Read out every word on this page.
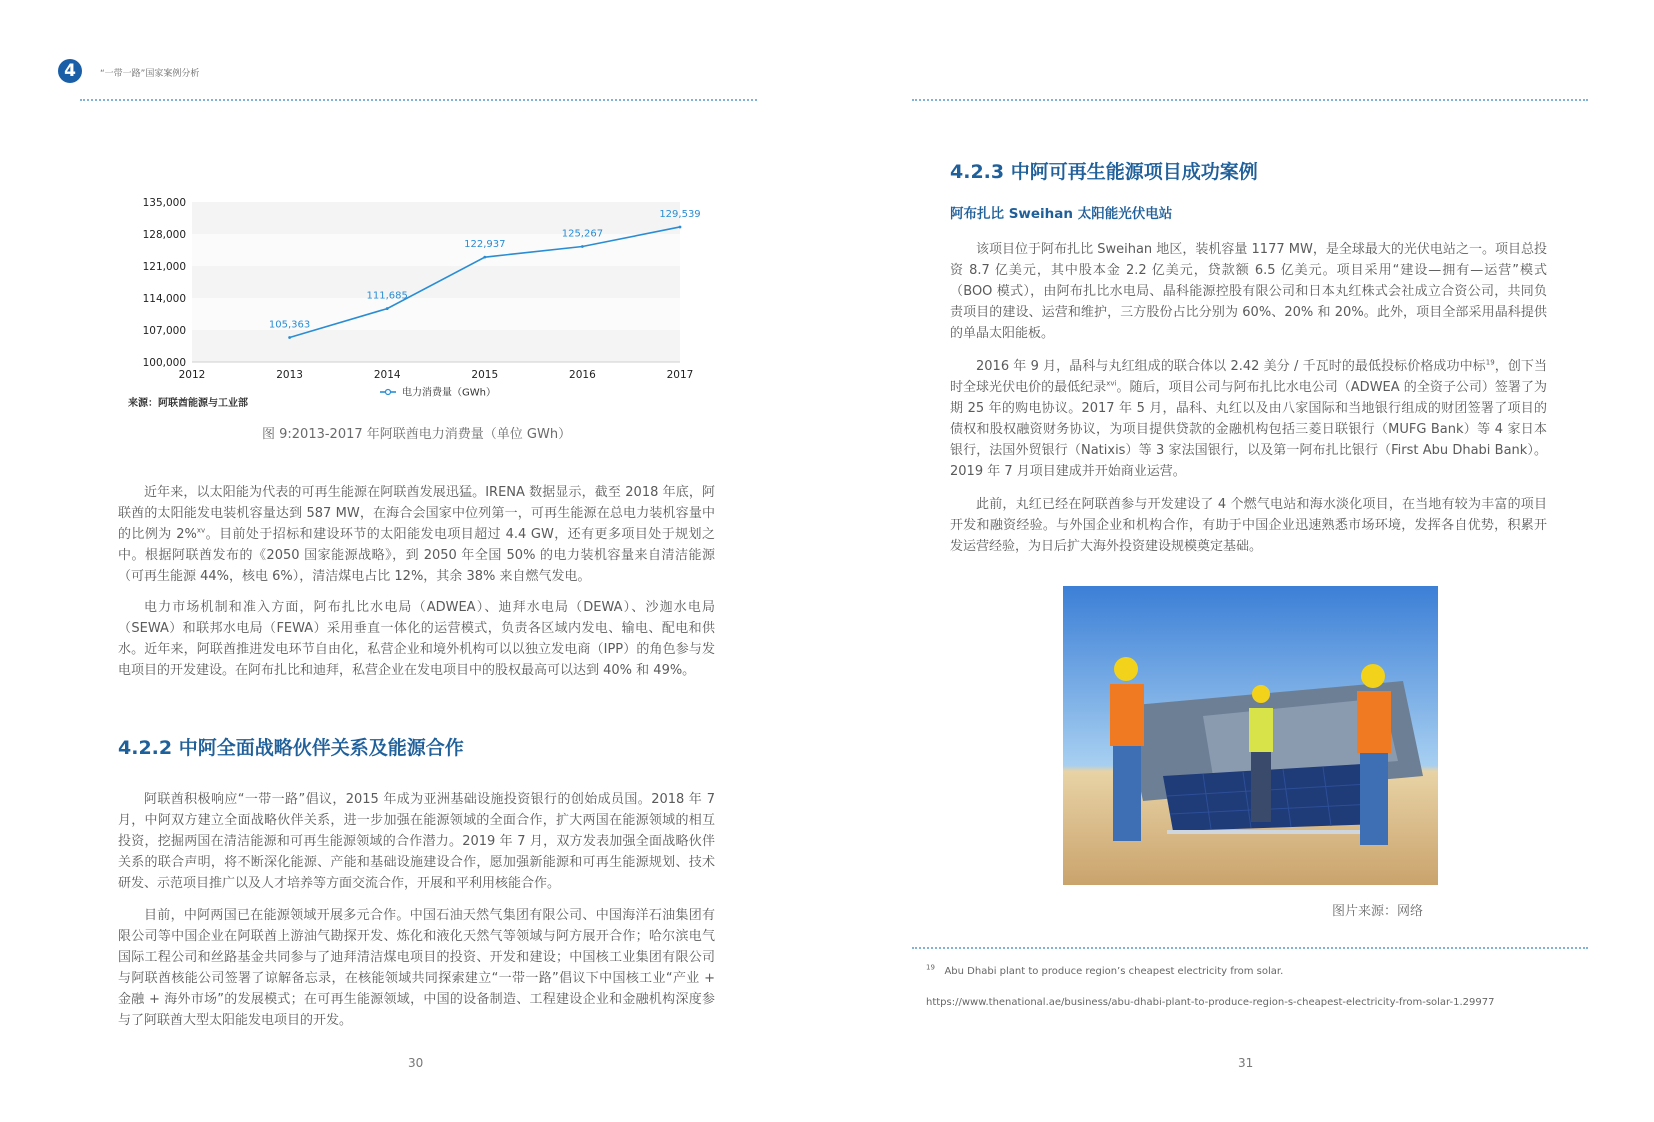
4	“一带一路”国家案例分析
100,000
107,000
114,000
121,000
128,000
135,000
2012	2013	2014	2015	2016	2017
105,363
111,685
122,937
125,267
129,539
电力消费量（GWh）
来源：阿联酋能源与工业部
图 9:2013-2017 年阿联酋电力消费量（单位 GWh）

近年来，以太阳能为代表的可再生能源在阿联酋发展迅猛。IRENA 数据显示，截至 2018 年底，阿联酋的太阳能发电装机容量达到 587 MW，在海合会国家中位列第一，可再生能源在总电力装机容量中的比例为 2%$^{xv}$。目前处于招标和建设环节的太阳能发电项目超过 4.4 GW，还有更多项目处于规划之中。根据阿联酋发布的《2050 国家能源战略》，到 2050 年全国 50% 的电力装机容量来自清洁能源（可再生能源 44%，核电 6%），清洁煤电占比 12%，其余 38% 来自燃气发电。

电力市场机制和准入方面，阿布扎比水电局（ADWEA）、迪拜水电局（DEWA）、沙迦水电局（SEWA）和联邦水电局（FEWA）采用垂直一体化的运营模式，负责各区域内发电、输电、配电和供水。近年来，阿联酋推进发电环节自由化，私营企业和境外机构可以以独立发电商（IPP）的角色参与发电项目的开发建设。在阿布扎比和迪拜，私营企业在发电项目中的股权最高可以达到 40% 和 49%。

4.2.2 中阿全面战略伙伴关系及能源合作

阿联酋积极响应“一带一路”倡议，2015 年成为亚洲基础设施投资银行的创始成员国。2018 年 7 月，中阿双方建立全面战略伙伴关系，进一步加强在能源领域的全面合作，扩大两国在能源领域的相互投资，挖掘两国在清洁能源和可再生能源领域的合作潜力。2019 年 7 月，双方发表加强全面战略伙伴关系的联合声明，将不断深化能源、产能和基础设施建设合作，愿加强新能源和可再生能源规划、技术研发、示范项目推广以及人才培养等方面交流合作，开展和平利用核能合作。

目前，中阿两国已在能源领域开展多元合作。中国石油天然气集团有限公司、中国海洋石油集团有限公司等中国企业在阿联酋上游油气勘探开发、炼化和液化天然气等领域与阿方展开合作；哈尔滨电气国际工程公司和丝路基金共同参与了迪拜清洁煤电项目的投资、开发和建设；中国核工业集团有限公司与阿联酋核能公司签署了谅解备忘录，在核能领域共同探索建立“一带一路”倡议下中国核工业“产业 + 金融 + 海外市场”的发展模式；在可再生能源领域，中国的设备制造、工程建设企业和金融机构深度参与了阿联酋大型太阳能发电项目的开发。

30
4.2.3 中阿可再生能源项目成功案例
阿布扎比 Sweihan 太阳能光伏电站

该项目位于阿布扎比 Sweihan 地区，装机容量 1177 MW，是全球最大的光伏电站之一。项目总投资 8.7 亿美元，其中股本金 2.2 亿美元，贷款额 6.5 亿美元。项目采用“建设—拥有—运营”模式（BOO 模式），由阿布扎比水电局、晶科能源控股有限公司和日本丸红株式会社成立合资公司，共同负责项目的建设、运营和维护，三方股份占比分别为 60%、20% 和 20%。此外，项目全部采用晶科提供的单晶太阳能板。

2016 年 9 月，晶科与丸红组成的联合体以 2.42 美分 / 千瓦时的最低投标价格成功中标$^{19}$，创下当时全球光伏电价的最低纪录$^{xvi}$。随后，项目公司与阿布扎比水电公司（ADWEA 的全资子公司）签署了为期 25 年的购电协议。2017 年 5 月，晶科、丸红以及由八家国际和当地银行组成的财团签署了项目的债权和股权融资财务协议，为项目提供贷款的金融机构包括三菱日联银行（MUFG Bank）等 4 家日本银行，法国外贸银行（Natixis）等 3 家法国银行，以及第一阿布扎比银行（First Abu Dhabi Bank）。2019 年 7 月项目建成并开始商业运营。

此前，丸红已经在阿联酋参与开发建设了 4 个燃气电站和海水淡化项目，在当地有较为丰富的项目开发和融资经验。与外国企业和机构合作，有助于中国企业迅速熟悉市场环境，发挥各自优势，积累开发运营经验，为日后扩大海外投资建设规模奠定基础。

图片来源：网络
$^{19}$ Abu Dhabi plant to produce region’s cheapest electricity from solar.
https://www.thenational.ae/business/abu-dhabi-plant-to-produce-region-s-cheapest-electricity-from-solar-1.29977
31
